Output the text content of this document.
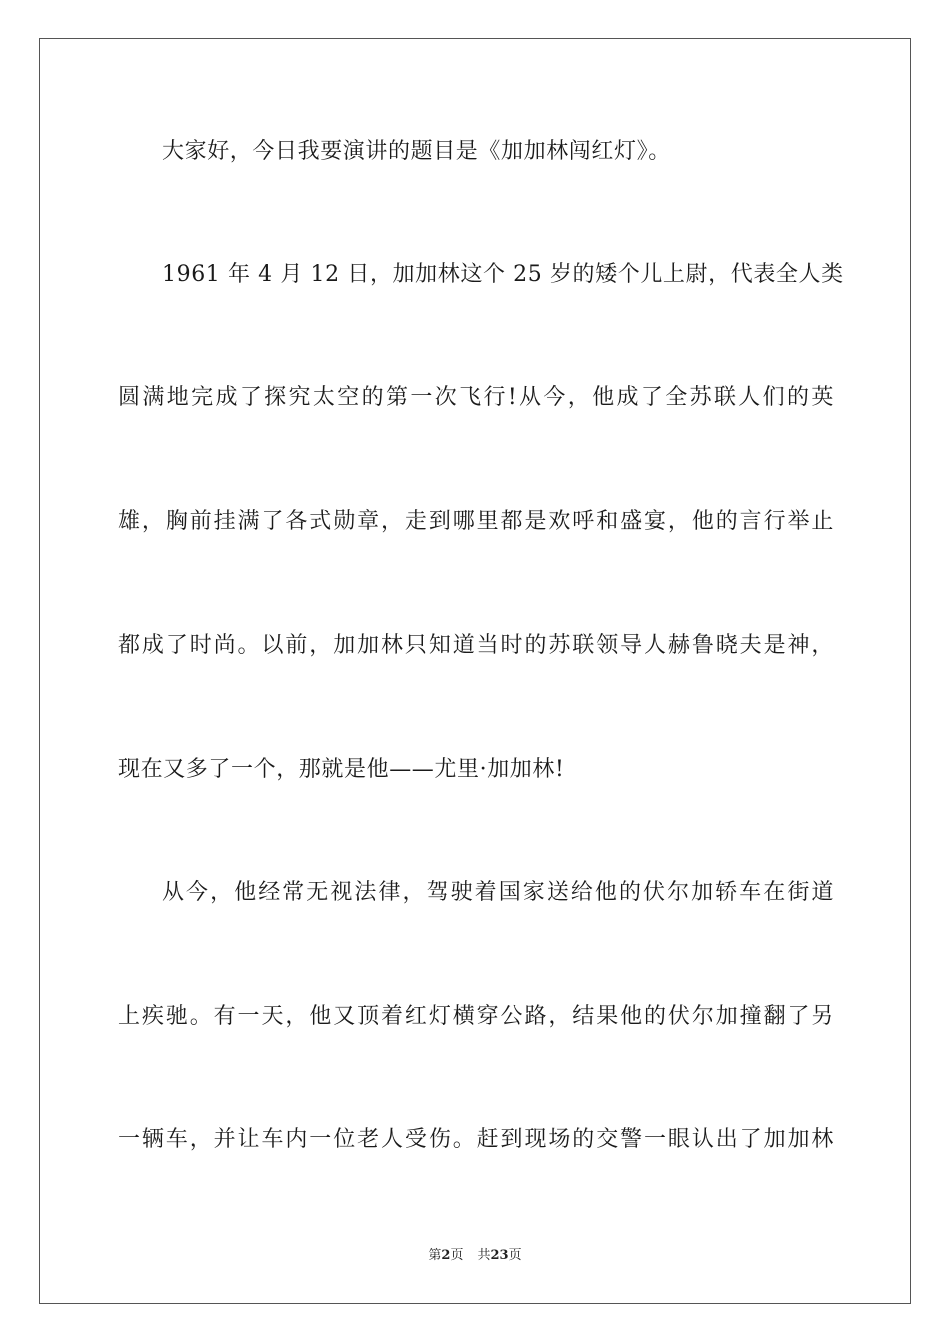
大家好，今日我要演讲的题目是《加加林闯红灯》。
1961 年 4 月 12 日，加加林这个 25 岁的矮个儿上尉，代表全人类
圆满地完成了探究太空的第一次飞行!从今，他成了全苏联人们的英
雄，胸前挂满了各式勋章，走到哪里都是欢呼和盛宴，他的言行举止
都成了时尚。以前，加加林只知道当时的苏联领导人赫鲁晓夫是神，
现在又多了一个，那就是他——尤里·加加林!
从今，他经常无视法律，驾驶着国家送给他的伏尔加轿车在街道
上疾驰。有一天，他又顶着红灯横穿公路，结果他的伏尔加撞翻了另
一辆车，并让车内一位老人受伤。赶到现场的交警一眼认出了加加林
第2页 共23页
